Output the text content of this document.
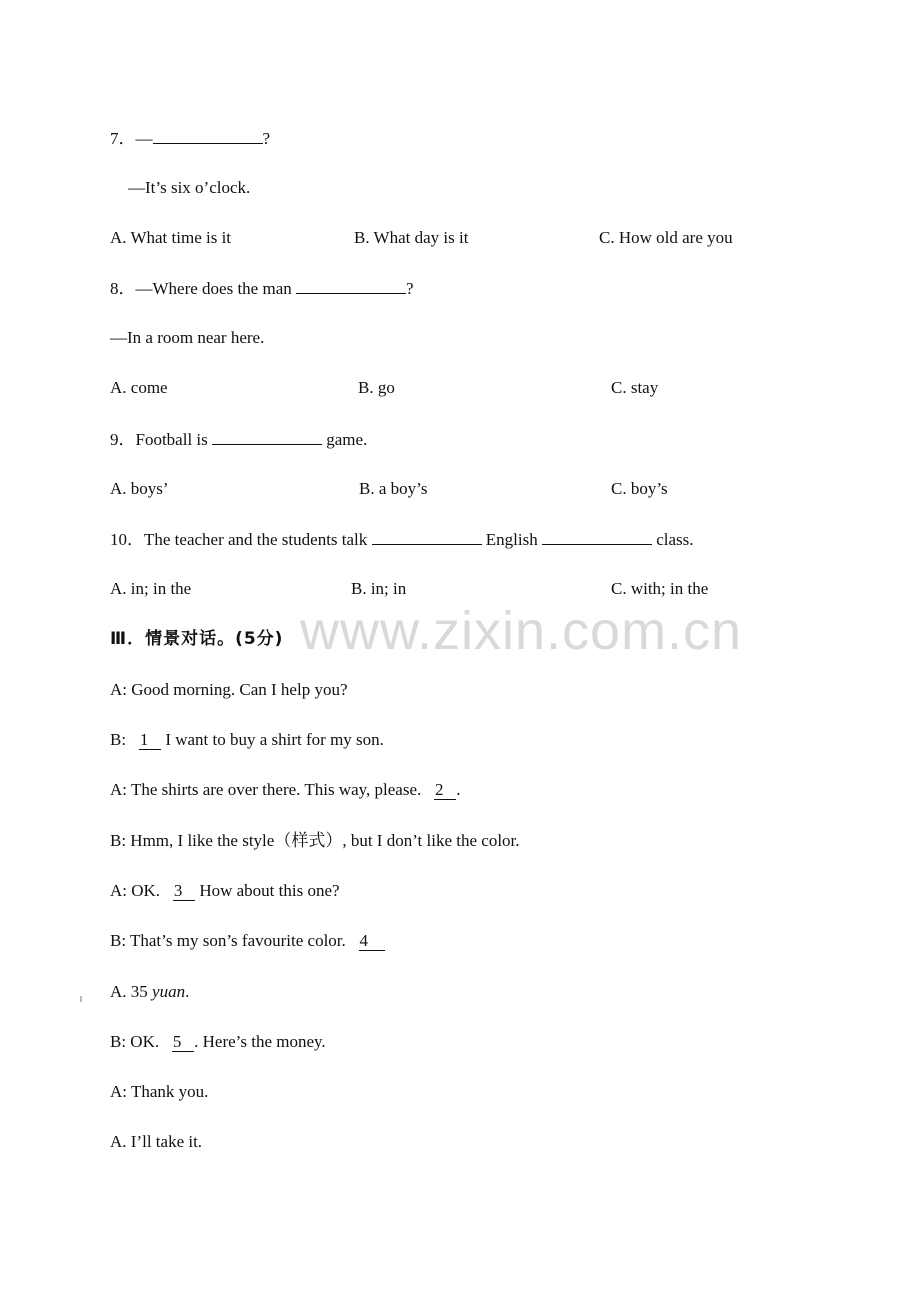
7．—	?
—It’s six o’clock.
A. What time is it	B. What day is it	C. How old are you
8．—Where does the man	?
—In a room near here.
A. come	B. go	C. stay
9．Football is	game.
A. boys’	B. a boy’s	C. boy’s
10．The teacher and the students talk	English	class.
A. in; in the	B. in; in	C. with; in the
Ⅲ．情景对话。(5分)
A: Good morning. Can I help you?
B:   1    I want to buy a shirt for my son.
A: The shirts are over there. This way, please.   2 .
B: Hmm, I like the style（样式）, but I don’t like the color.
A: OK.   3    How about this one?
B: That’s my son’s favourite color.   4
A. 35 yuan.
B: OK.   5 . Here’s the money.
A: Thank you.
A. I’ll take it.
www.zixin.com.cn
